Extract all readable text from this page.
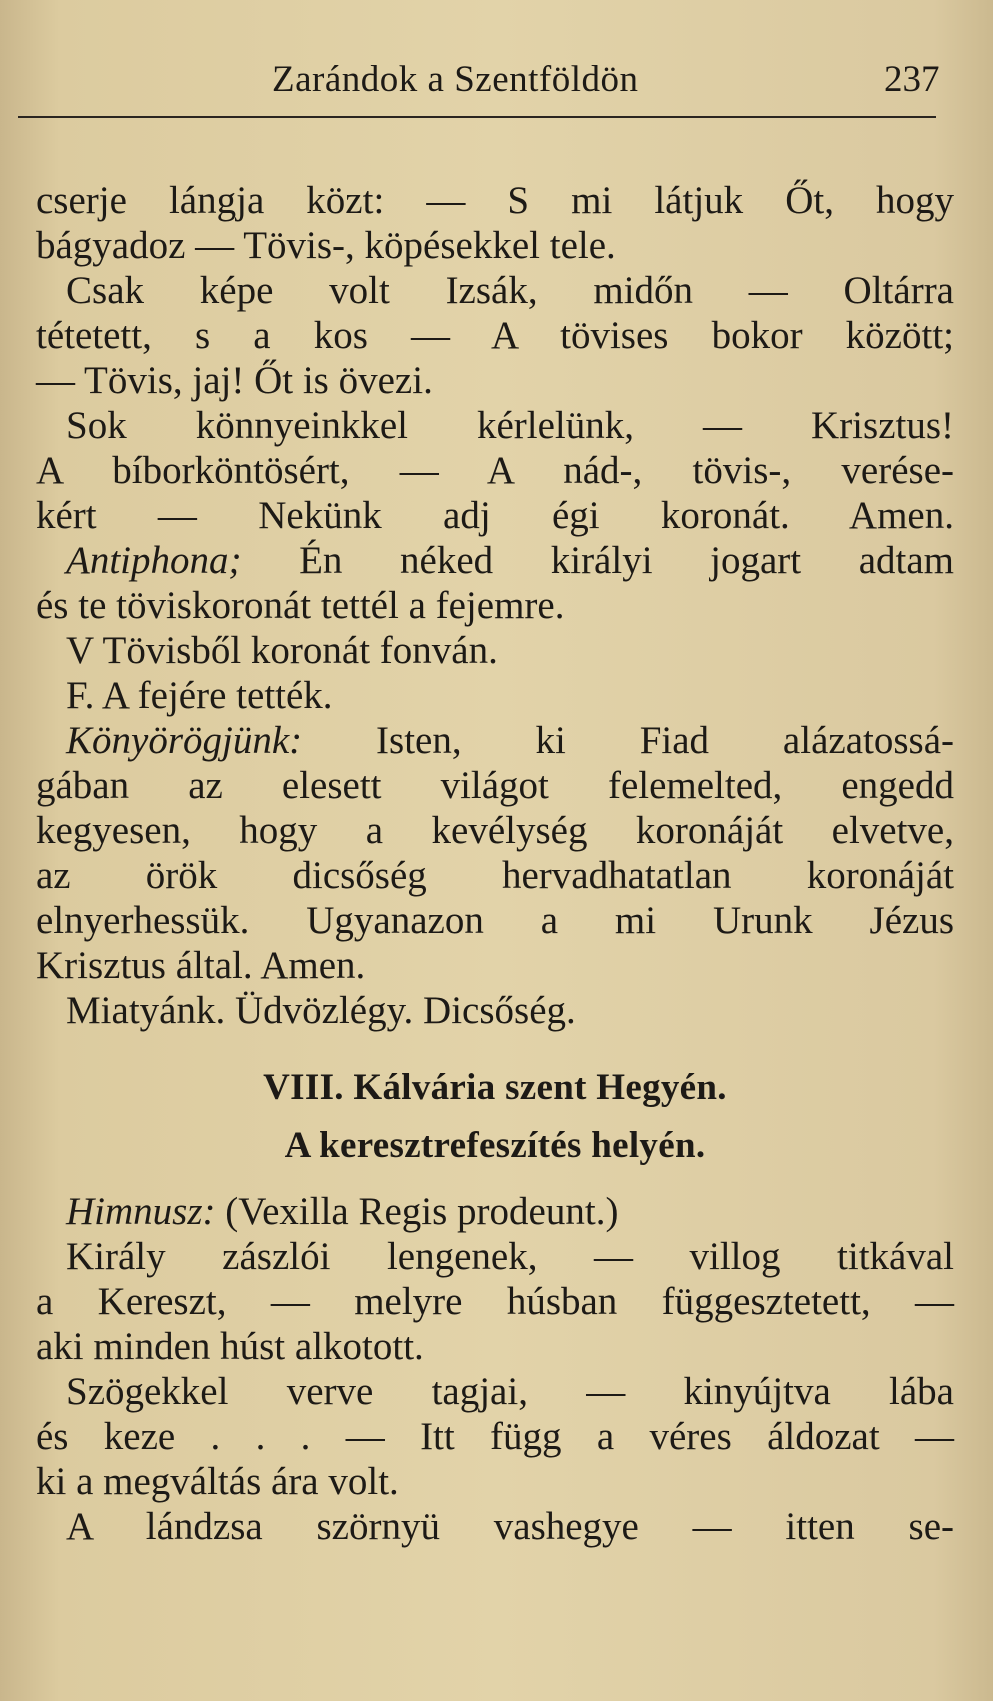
Zarándok a Szentföldön	237
cserje lángja közt: — S mi látjuk Őt, hogy
bágyadoz — Tövis-, köpésekkel tele.
Csak képe volt Izsák, midőn — Oltárra
tétetett, s a kos — A tövises bokor között;
— Tövis, jaj! Őt is övezi.
Sok könnyeinkkel kérlelünk, — Krisztus!
A bíborköntösért, — A nád-, tövis-, verése-
kért — Nekünk adj égi koronát. Amen.
Antiphona; Én néked királyi jogart adtam
és te töviskoronát tettél a fejemre.
V Tövisből koronát fonván.
F. A fejére tették.
Könyörögjünk: Isten, ki Fiad alázatossá-
gában az elesett világot felemelted, engedd
kegyesen, hogy a kevélység koronáját elvetve,
az örök dicsőség hervadhatatlan koronáját
elnyerhessük. Ugyanazon a mi Urunk Jézus
Krisztus által. Amen.
Miatyánk. Üdvözlégy. Dicsőség.
VIII. Kálvária szent Hegyén.
A keresztrefeszítés helyén.
Himnusz: (Vexilla Regis prodeunt.)
Király zászlói lengenek, — villog titkával
a Kereszt, — melyre húsban függesztetett, —
aki minden húst alkotott.
Szögekkel verve tagjai, — kinyújtva lába
és keze . . . — Itt függ a véres áldozat —
ki a megváltás ára volt.
A lándzsa szörnyü vashegye — itten se-
